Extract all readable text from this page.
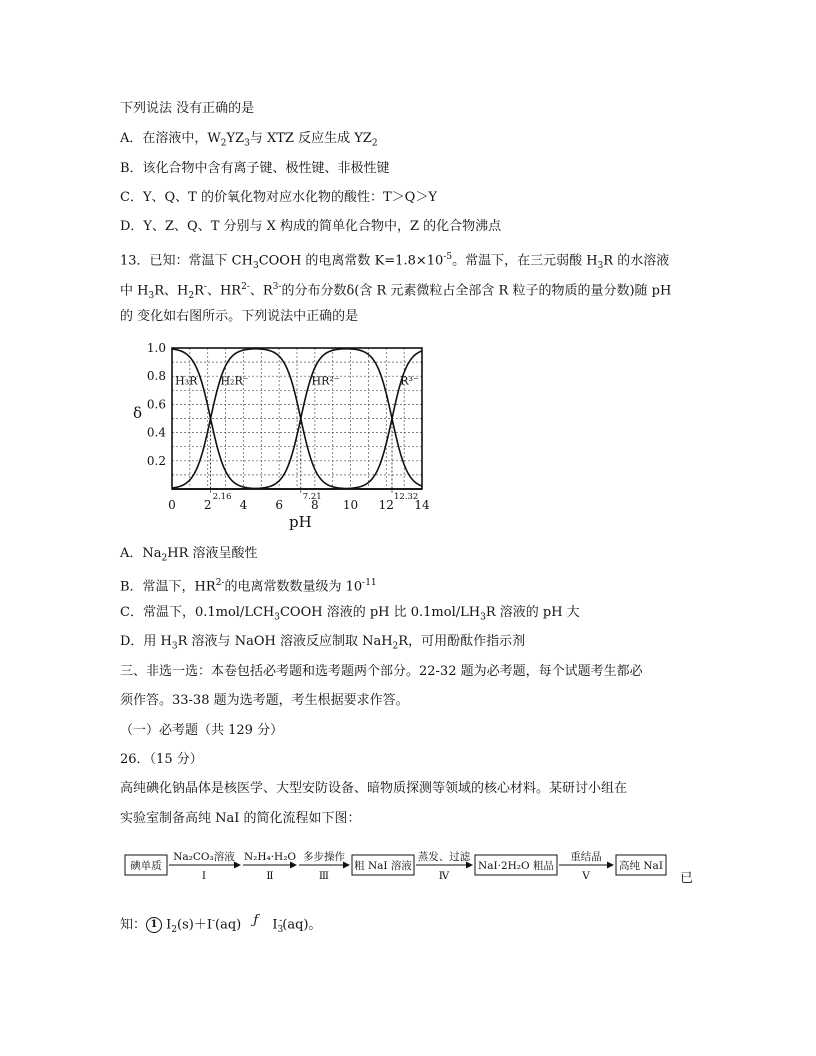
下列说法 没有正确的是
A．在溶液中，$W_2YZ_3$与 XTZ 反应生成 $YZ_2$
B．该化合物中含有离子键、极性键、非极性键
C．Y、Q、T 的价氧化物对应水化物的酸性：T＞Q＞Y
D．Y、Z、Q、T 分别与 X 构成的简单化合物中，Z 的化合物沸点
13．已知：常温下 $CH_3COOH$ 的电离常数 $K=1.8\times 10^{-5}$。常温下，在三元弱酸 $H_3R$ 的水溶液
中 $H_3R$、$H_2R^-$、$HR^{2-}$、$R^{3-}$的分布分数δ(含 R 元素微粒占全部含 R 粒子的物质的量分数)随 pH
的 变化如右图所示。下列说法中正确的是
0 2 4 6 8 10 12 14
0.2
0.4
0.6
0.8
1.0
2.16	7.21	12.32
H₃R H₂R⁻	HR²⁻	R³⁻
δ
pH
A．$Na_2HR$ 溶液呈酸性
B．常温下，$HR^{2-}$的电离常数数量级为 $10^{-11}$
C．常温下，$0.1mol/LCH_3COOH$ 溶液的 pH 比 $0.1mol/LH_3R$ 溶液的 pH 大
D．用 $H_3R$ 溶液与 NaOH 溶液反应制取 NaH$_2$R，可用酚酞作指示剂
三、非选一选：本卷包括必考题和选考题两个部分。22-32 题为必考题，每个试题考生都必
须作答。33-38 题为选考题，考生根据要求作答。
（一）必考题（共 129 分）
26．（15 分）
高纯碘化钠晶体是核医学、大型安防设备、暗物质探测等领域的核心材料。某研讨小组在
实验室制备高纯 NaI 的简化流程如下图：
碘单质
Na₂CO₃溶液
Ⅰ
N₂H₄·H₂O
Ⅱ
多步操作
Ⅲ
粗 NaI 溶液
蒸发、过滤
Ⅳ
NaI·2H₂O 粗品
重结晶
Ⅴ
高纯 NaI
已
知： 1 $I_2(s)+I^-(aq)$ ƒ $I_3^-(aq)$。
